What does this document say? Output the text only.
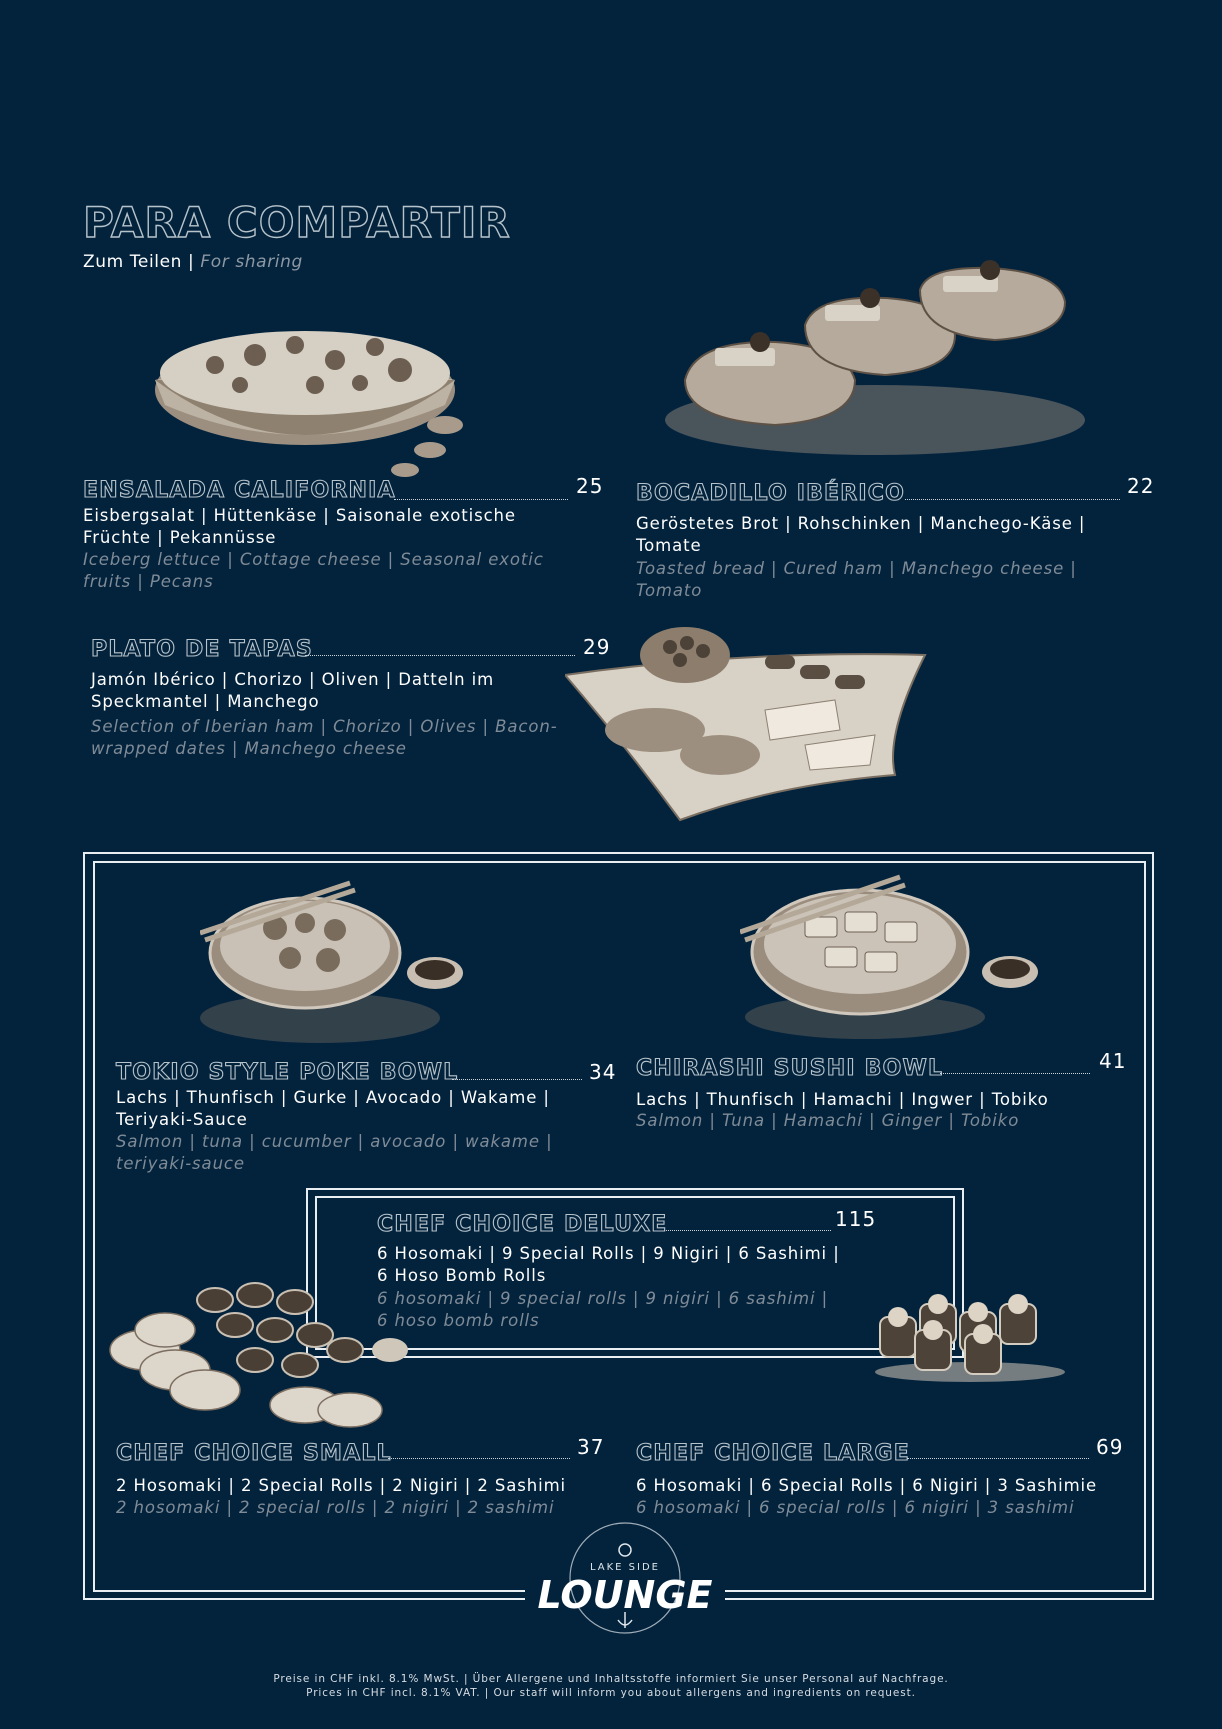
PARA COMPARTIR
Zum Teilen | For sharing
ENSALADA CALIFORNIA	25
Eisbergsalat | Hüttenkäse | Saisonale exotische
Früchte | Pekannüsse
Iceberg lettuce | Cottage cheese | Seasonal exotic
fruits | Pecans
BOCADILLO IBÉRICO	22
Geröstetes Brot | Rohschinken | Manchego-Käse |
Tomate
Toasted bread | Cured ham | Manchego cheese |
Tomato
PLATO DE TAPAS	29
Jamón Ibérico | Chorizo | Oliven | Datteln im
Speckmantel | Manchego
Selection of Iberian ham | Chorizo | Olives | Bacon-
wrapped dates | Manchego cheese
TOKIO STYLE POKE BOWL	34
Lachs | Thunfisch | Gurke | Avocado | Wakame |
Teriyaki-Sauce
Salmon | tuna | cucumber | avocado | wakame |
teriyaki-sauce
CHIRASHI SUSHI BOWL	41
Lachs | Thunfisch | Hamachi | Ingwer | Tobiko
Salmon | Tuna | Hamachi | Ginger | Tobiko
CHEF CHOICE DELUXE	115
6 Hosomaki | 9 Special Rolls | 9 Nigiri | 6 Sashimi |
6 Hoso Bomb Rolls
6 hosomaki | 9 special rolls | 9 nigiri | 6 sashimi |
6 hoso bomb rolls
CHEF CHOICE SMALL	37
2 Hosomaki | 2 Special Rolls | 2 Nigiri | 2 Sashimi
2 hosomaki | 2 special rolls | 2 nigiri | 2 sashimi
CHEF CHOICE LARGE	69
6 Hosomaki | 6 Special Rolls | 6 Nigiri | 3 Sashimie
6 hosomaki | 6 special rolls | 6 nigiri | 3 sashimi
LAKE SIDE
LOUNGE
Preise in CHF inkl. 8.1% MwSt. | Über Allergene und Inhaltsstoffe informiert Sie unser Personal auf Nachfrage.
Prices in CHF incl. 8.1% VAT. | Our staff will inform you about allergens and ingredients on request.
